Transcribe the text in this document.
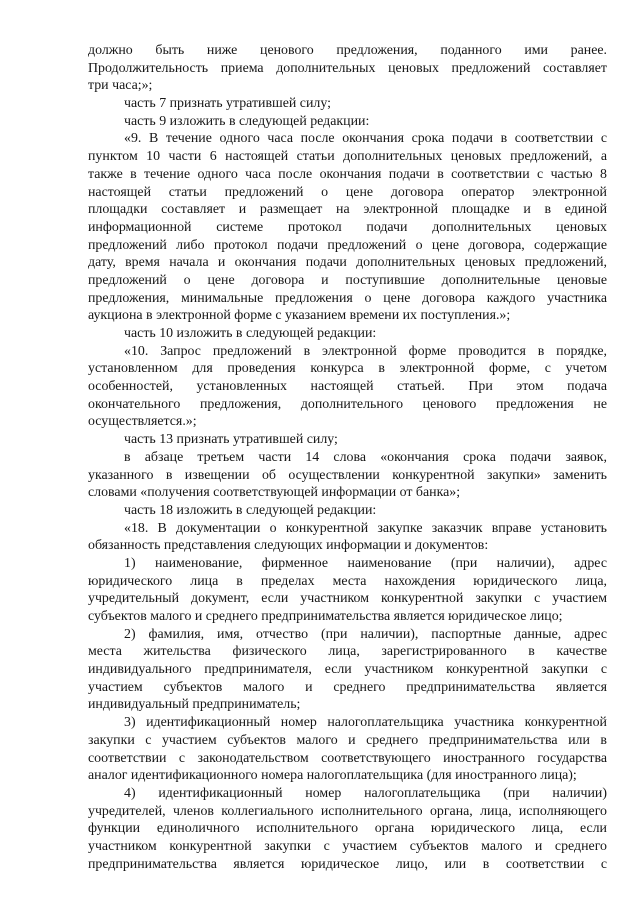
должно быть ниже ценового предложения, поданного ими ранее.
Продолжительность приема дополнительных ценовых предложений составляет
три часа;»;
часть 7 признать утратившей силу;
часть 9 изложить в следующей редакции:
«9. В течение одного часа после окончания срока подачи в соответствии с
пунктом 10 части 6 настоящей статьи дополнительных ценовых предложений, а
также в течение одного часа после окончания подачи в соответствии с частью 8
настоящей статьи предложений о цене договора оператор электронной
площадки составляет и размещает на электронной площадке и в единой
информационной системе протокол подачи дополнительных ценовых
предложений либо протокол подачи предложений о цене договора, содержащие
дату, время начала и окончания подачи дополнительных ценовых предложений,
предложений о цене договора и поступившие дополнительные ценовые
предложения, минимальные предложения о цене договора каждого участника
аукциона в электронной форме с указанием времени их поступления.»;
часть 10 изложить в следующей редакции:
«10. Запрос предложений в электронной форме проводится в порядке,
установленном для проведения конкурса в электронной форме, с учетом
особенностей, установленных настоящей статьей. При этом подача
окончательного предложения, дополнительного ценового предложения не
осуществляется.»;
часть 13 признать утратившей силу;
в абзаце третьем части 14 слова «окончания срока подачи заявок,
указанного в извещении об осуществлении конкурентной закупки» заменить
словами «получения соответствующей информации от банка»;
часть 18 изложить в следующей редакции:
«18. В документации о конкурентной закупке заказчик вправе установить
обязанность представления следующих информации и документов:
1) наименование, фирменное наименование (при наличии), адрес
юридического лица в пределах места нахождения юридического лица,
учредительный документ, если участником конкурентной закупки с участием
субъектов малого и среднего предпринимательства является юридическое лицо;
2) фамилия, имя, отчество (при наличии), паспортные данные, адрес
места жительства физического лица, зарегистрированного в качестве
индивидуального предпринимателя, если участником конкурентной закупки с
участием субъектов малого и среднего предпринимательства является
индивидуальный предприниматель;
3) идентификационный номер налогоплательщика участника конкурентной
закупки с участием субъектов малого и среднего предпринимательства или в
соответствии с законодательством соответствующего иностранного государства
аналог идентификационного номера налогоплательщика (для иностранного лица);
4) идентификационный номер налогоплательщика (при наличии)
учредителей, членов коллегиального исполнительного органа, лица, исполняющего
функции единоличного исполнительного органа юридического лица, если
участником конкурентной закупки с участием субъектов малого и среднего
предпринимательства является юридическое лицо, или в соответствии с
